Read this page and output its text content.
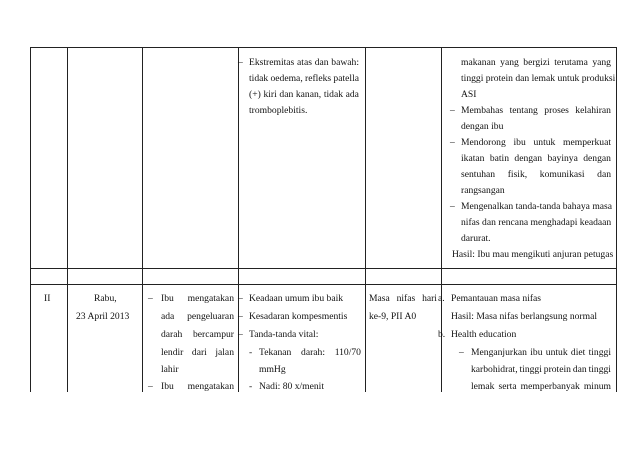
– Ekstremitas atas dan bawah:
tidak oedema, refleks patella
(+) kiri dan kanan, tidak ada
tromboplebitis.
makanan yang bergizi terutama yang
tinggi protein dan lemak untuk produksi
ASI
– Membahas tentang proses kelahiran
dengan ibu
– Mendorong ibu untuk memperkuat
ikatan batin dengan bayinya dengan
sentuhan fisik, komunikasi dan
rangsangan
– Mengenalkan tanda-tanda bahaya masa
nifas dan rencana menghadapi keadaan
darurat.
Hasil: Ibu mau mengikuti anjuran petugas
II	Rabu,
23 April 2013
– Ibu mengatakan
ada pengeluaran
darah bercampur
lendir dari jalan
lahir
– Ibu mengatakan
– Keadaan umum ibu baik
– Kesadaran kompesmentis
– Tanda-tanda vital:
- Tekanan darah: 110/70
mmHg
- Nadi: 80 x/menit
Masa nifas hari
ke-9, PII A0
a. Pemantauan masa nifas
Hasil: Masa nifas berlangsung normal
b. Health education
– Menganjurkan ibu untuk diet tinggi
karbohidrat, tinggi protein dan tinggi
lemak serta memperbanyak minum
